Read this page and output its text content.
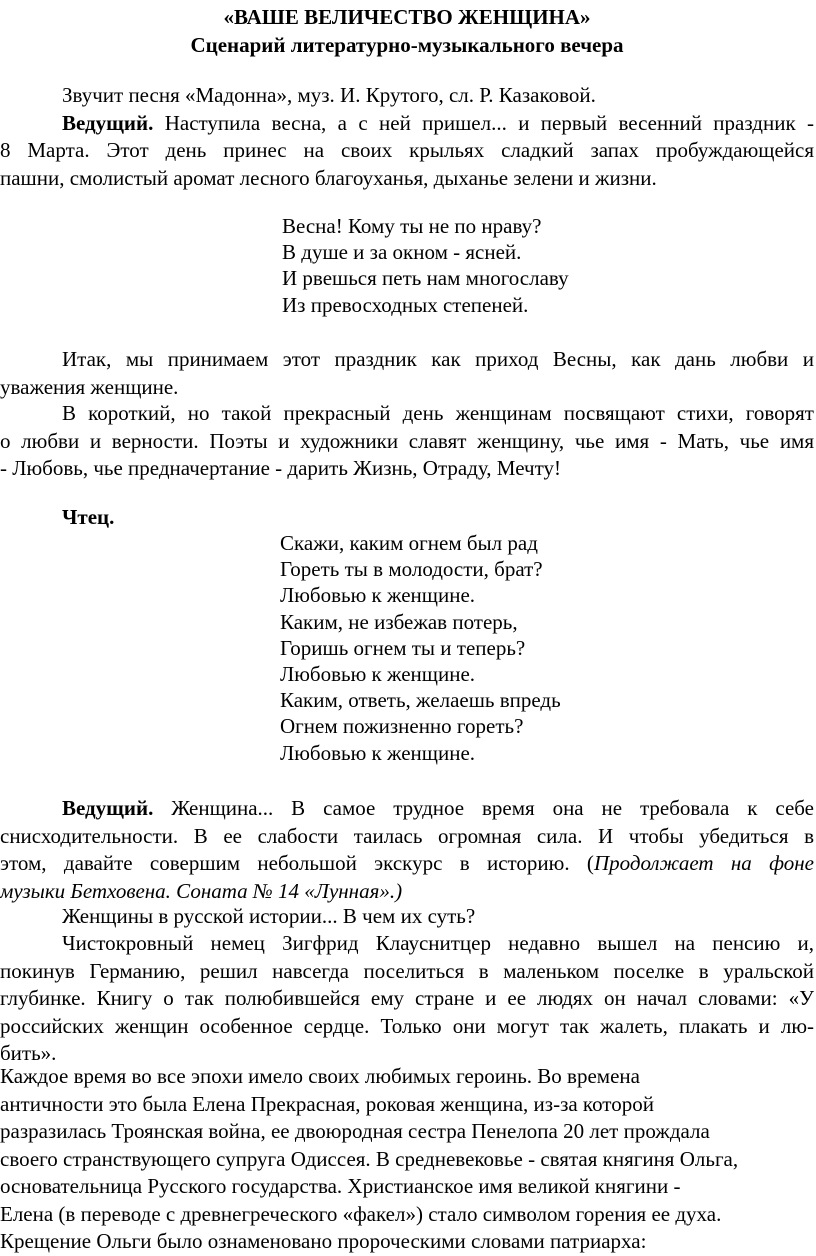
«ВАШЕ ВЕЛИЧЕСТВО ЖЕНЩИНА»
Сценарий литературно-музыкального вечера
Звучит песня «Мадонна», муз. И. Крутого, сл. Р. Казаковой.
Ведущий. Наступила весна, а с ней пришел... и первый весенний праздник -
8 Марта. Этот день принес на своих крыльях сладкий запах пробуждающейся
пашни, смолистый аромат лесного благоуханья, дыханье зелени и жизни.
Весна! Кому ты не по нраву?
В душе и за окном - ясней.
И рвешься петь нам многославу
Из превосходных степеней.
Итак, мы принимаем этот праздник как приход Весны, как дань любви и
уважения женщине.
В короткий, но такой прекрасный день женщинам посвящают стихи, говорят
о любви и верности. Поэты и художники славят женщину, чье имя - Мать, чье имя
- Любовь, чье предначертание - дарить Жизнь, Отраду, Мечту!
Чтец.
Скажи, каким огнем был рад
Гореть ты в молодости, брат?
Любовью к женщине.
Каким, не избежав потерь,
Горишь огнем ты и теперь?
Любовью к женщине.
Каким, ответь, желаешь впредь
Огнем пожизненно гореть?
Любовью к женщине.
Ведущий. Женщина... В самое трудное время она не требовала к себе
снисходительности. В ее слабости таилась огромная сила. И чтобы убедиться в
этом, давайте совершим небольшой экскурс в историю. (Продолжает на фоне
музыки Бетховена. Соната № 14 «Лунная».)
Женщины в русской истории... В чем их суть?
Чистокровный немец Зигфрид Клауснитцер недавно вышел на пенсию и,
покинув Германию, решил навсегда поселиться в маленьком поселке в уральской
глубинке. Книгу о так полюбившейся ему стране и ее людях он начал словами: «У
российских женщин особенное сердце. Только они могут так жалеть, плакать и лю-
бить».
Каждое время во все эпохи имело своих любимых героинь. Во времена
античности это была Елена Прекрасная, роковая женщина, из-за которой
разразилась Троянская война, ее двоюродная сестра Пенелопа 20 лет прождала
своего странствующего супруга Одиссея. В средневековье - святая княгиня Ольга,
основательница Русского государства. Христианское имя великой княгини -
Елена (в переводе с древнегреческого «факел») стало символом горения ее духа.
Крещение Ольги было ознаменовано пророческими словами патриарха:
